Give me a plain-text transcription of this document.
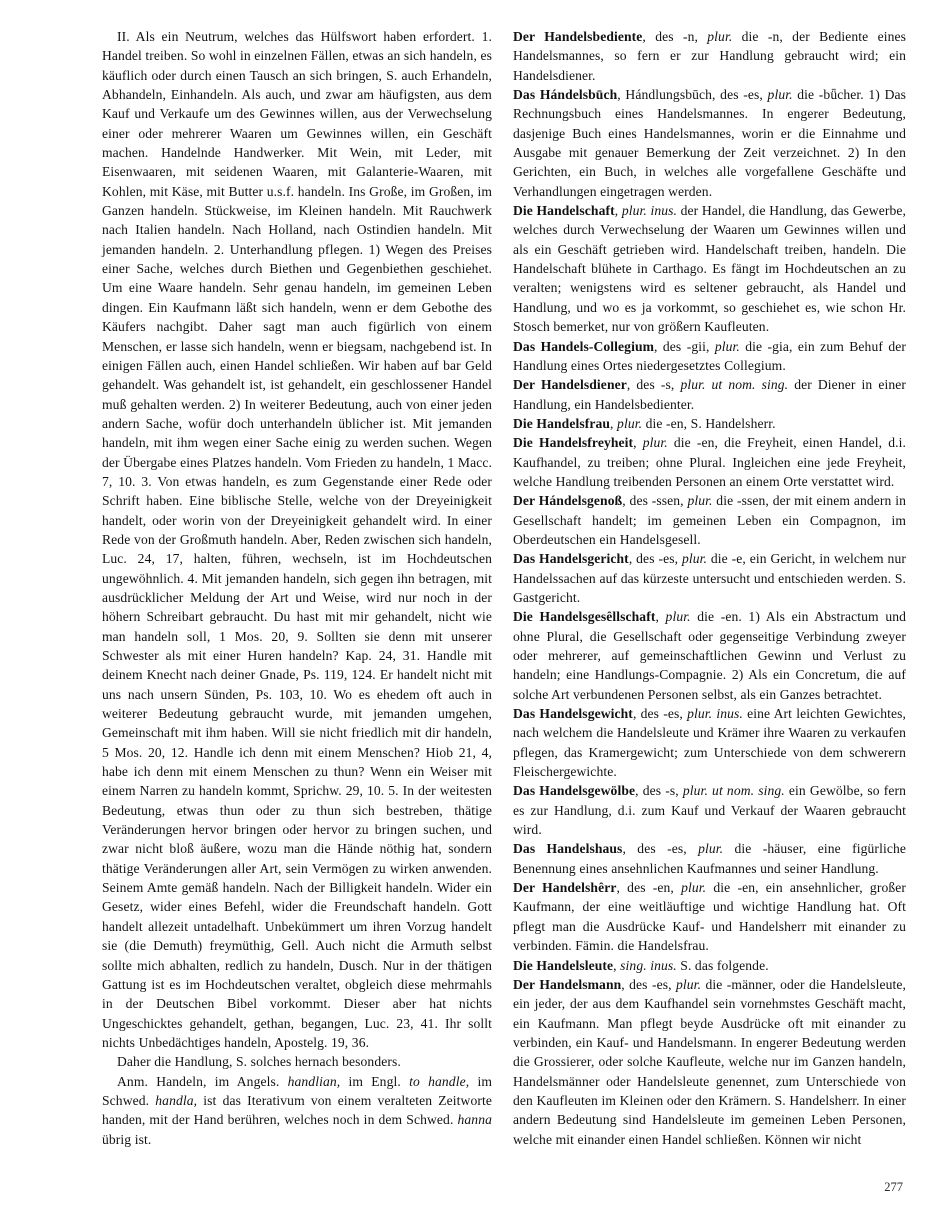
II. Als ein Neutrum, welches das Hülfswort haben erfordert. 1. Handel treiben. So wohl in einzelnen Fällen, etwas an sich handeln, es käuflich oder durch einen Tausch an sich bringen, S. auch Erhandeln, Abhandeln, Einhandeln. Als auch, und zwar am häufigsten, aus dem Kauf und Verkaufe um des Gewinnes willen, aus der Verwechselung einer oder mehrerer Waaren um Gewinnes willen, ein Geschäft machen. Handelnde Handwerker. Mit Wein, mit Leder, mit Eisenwaaren, mit seidenen Waaren, mit Galanterie-Waaren, mit Kohlen, mit Käse, mit Butter u.s.f. handeln. Ins Große, im Großen, im Ganzen handeln. Stückweise, im Kleinen handeln. Mit Rauchwerk nach Italien handeln. Nach Holland, nach Ostindien handeln. Mit jemanden handeln. 2. Unterhandlung pflegen. 1) Wegen des Preises einer Sache, welches durch Biethen und Gegenbiethen geschiehet. Um eine Waare handeln. Sehr genau handeln, im gemeinen Leben dingen. Ein Kaufmann läßt sich handeln, wenn er dem Gebothe des Käufers nachgibt. Daher sagt man auch figürlich von einem Menschen, er lasse sich handeln, wenn er biegsam, nachgebend ist. In einigen Fällen auch, einen Handel schließen. Wir haben auf bar Geld gehandelt. Was gehandelt ist, ist gehandelt, ein geschlossener Handel muß gehalten werden. 2) In weiterer Bedeutung, auch von einer jeden andern Sache, wofür doch unterhandeln üblicher ist. Mit jemanden handeln, mit ihm wegen einer Sache einig zu werden suchen. Wegen der Übergabe eines Platzes handeln. Vom Frieden zu handeln, 1 Macc. 7, 10. 3. Von etwas handeln, es zum Gegenstande einer Rede oder Schrift haben. Eine biblische Stelle, welche von der Dreyeinigkeit handelt, oder worin von der Dreyeinigkeit gehandelt wird. In einer Rede von der Großmuth handeln. Aber, Reden zwischen sich handeln, Luc. 24, 17, halten, führen, wechseln, ist im Hochdeutschen ungewöhnlich. 4. Mit jemanden handeln, sich gegen ihn betragen, mit ausdrücklicher Meldung der Art und Weise, wird nur noch in der höhern Schreibart gebraucht. Du hast mit mir gehandelt, nicht wie man handeln soll, 1 Mos. 20, 9. Sollten sie denn mit unserer Schwester als mit einer Huren handeln? Kap. 24, 31. Handle mit deinem Knecht nach deiner Gnade, Ps. 119, 124. Er handelt nicht mit uns nach unsern Sünden, Ps. 103, 10. Wo es ehedem oft auch in weiterer Bedeutung gebraucht wurde, mit jemanden umgehen, Gemeinschaft mit ihm haben. Will sie nicht friedlich mit dir handeln, 5 Mos. 20, 12. Handle ich denn mit einem Menschen? Hiob 21, 4, habe ich denn mit einem Menschen zu thun? Wenn ein Weiser mit einem Narren zu handeln kommt, Sprichw. 29, 10. 5. In der weitesten Bedeutung, etwas thun oder zu thun sich bestreben, thätige Veränderungen hervor bringen oder hervor zu bringen suchen, und zwar nicht bloß äußere, wozu man die Hände nöthig hat, sondern thätige Veränderungen aller Art, sein Vermögen zu wirken anwenden. Seinem Amte gemäß handeln. Nach der Billigkeit handeln. Wider ein Gesetz, wider eines Befehl, wider die Freundschaft handeln. Gott handelt allezeit untadelhaft. Unbekümmert um ihren Vorzug handelt sie (die Demuth) freymüthig, Gell. Auch nicht die Armuth selbst sollte mich abhalten, redlich zu handeln, Dusch. Nur in der thätigen Gattung ist es im Hochdeutschen veraltet, obgleich diese mehrmahls in der Deutschen Bibel vorkommt. Dieser aber hat nichts Ungeschicktes gehandelt, gethan, begangen, Luc. 23, 41. Ihr sollt nichts Unbedächtiges handeln, Apostelg. 19, 36.

Daher die Handlung, S. solches hernach besonders.

Anm. Handeln, im Angels. handlian, im Engl. to handle, im Schwed. handla, ist das Iterativum von einem veralteten Zeitworte handen, mit der Hand berühren, welches noch in dem Schwed. hanna übrig ist.

Der Handelsbediente, des -n, plur. die -n, der Bediente eines Handelsmannes, so fern er zur Handlung gebraucht wird; ein Handelsdiener.

Das Hándelsbūch, Hándlungsbūch, des -es, plur. die -bǖcher. 1) Das Rechnungsbuch eines Handelsmannes. In engerer Bedeutung, dasjenige Buch eines Handelsmannes, worin er die Einnahme und Ausgabe mit genauer Bemerkung der Zeit verzeichnet. 2) In den Gerichten, ein Buch, in welches alle vorgefallene Geschäfte und Verhandlungen eingetragen werden.

Die Handelschaft, plur. inus. der Handel, die Handlung, das Gewerbe, welches durch Verwechselung der Waaren um Gewinnes willen und als ein Geschäft getrieben wird. Handelschaft treiben, handeln. Die Handelschaft blühete in Carthago. Es fängt im Hochdeutschen an zu veralten; wenigstens wird es seltener gebraucht, als Handel und Handlung, und wo es ja vorkommt, so geschiehet es, wie schon Hr. Stosch bemerket, nur von größern Kaufleuten.

Das Handels-Collegium, des -gii, plur. die -gia, ein zum Behuf der Handlung eines Ortes niedergesetztes Collegium.

Der Handelsdiener, des -s, plur. ut nom. sing. der Diener in einer Handlung, ein Handelsbedienter.

Die Handelsfrau, plur. die -en, S. Handelsherr.

Die Handelsfreyheit, plur. die -en, die Freyheit, einen Handel, d.i. Kaufhandel, zu treiben; ohne Plural. Ingleichen eine jede Freyheit, welche Handlung treibenden Personen an einem Orte verstattet wird.

Der Hándelsgenoß, des -ssen, plur. die -ssen, der mit einem andern in Gesellschaft handelt; im gemeinen Leben ein Compagnon, im Oberdeutschen ein Handelsgesell.

Das Handelsgericht, des -es, plur. die -e, ein Gericht, in welchem nur Handelssachen auf das kürzeste untersucht und entschieden werden. S. Gastgericht.

Die Handelsgesêllschaft, plur. die -en. 1) Als ein Abstractum und ohne Plural, die Gesellschaft oder gegenseitige Verbindung zweyer oder mehrerer, auf gemeinschaftlichen Gewinn und Verlust zu handeln; eine Handlungs-Compagnie. 2) Als ein Concretum, die auf solche Art verbundenen Personen selbst, als ein Ganzes betrachtet.

Das Handelsgewicht, des -es, plur. inus. eine Art leichten Gewichtes, nach welchem die Handelsleute und Krämer ihre Waaren zu verkaufen pflegen, das Kramergewicht; zum Unterschiede von dem schwerern Fleischergewichte.

Das Handelsgewölbe, des -s, plur. ut nom. sing. ein Gewölbe, so fern es zur Handlung, d.i. zum Kauf und Verkauf der Waaren gebraucht wird.

Das Handelshaus, des -es, plur. die -häuser, eine figürliche Benennung eines ansehnlichen Kaufmannes und seiner Handlung.

Der Handelshêrr, des -en, plur. die -en, ein ansehnlicher, großer Kaufmann, der eine weitläuftige und wichtige Handlung hat. Oft pflegt man die Ausdrücke Kauf- und Handelsherr mit einander zu verbinden. Fämin. die Handelsfrau.

Die Handelsleute, sing. inus. S. das folgende.

Der Handelsmann, des -es, plur. die -männer, oder die Handelsleute, ein jeder, der aus dem Kaufhandel sein vornehmstes Geschäft macht, ein Kaufmann. Man pflegt beyde Ausdrücke oft mit einander zu verbinden, ein Kauf- und Handelsmann. In engerer Bedeutung werden die Grossierer, oder solche Kaufleute, welche nur im Ganzen handeln, Handelsmänner oder Handelsleute genennet, zum Unterschiede von den Kaufleuten im Kleinen oder den Krämern. S. Handelsherr. In einer andern Bedeutung sind Handelsleute im gemeinen Leben Personen, welche mit einander einen Handel schließen. Können wir nicht

277
